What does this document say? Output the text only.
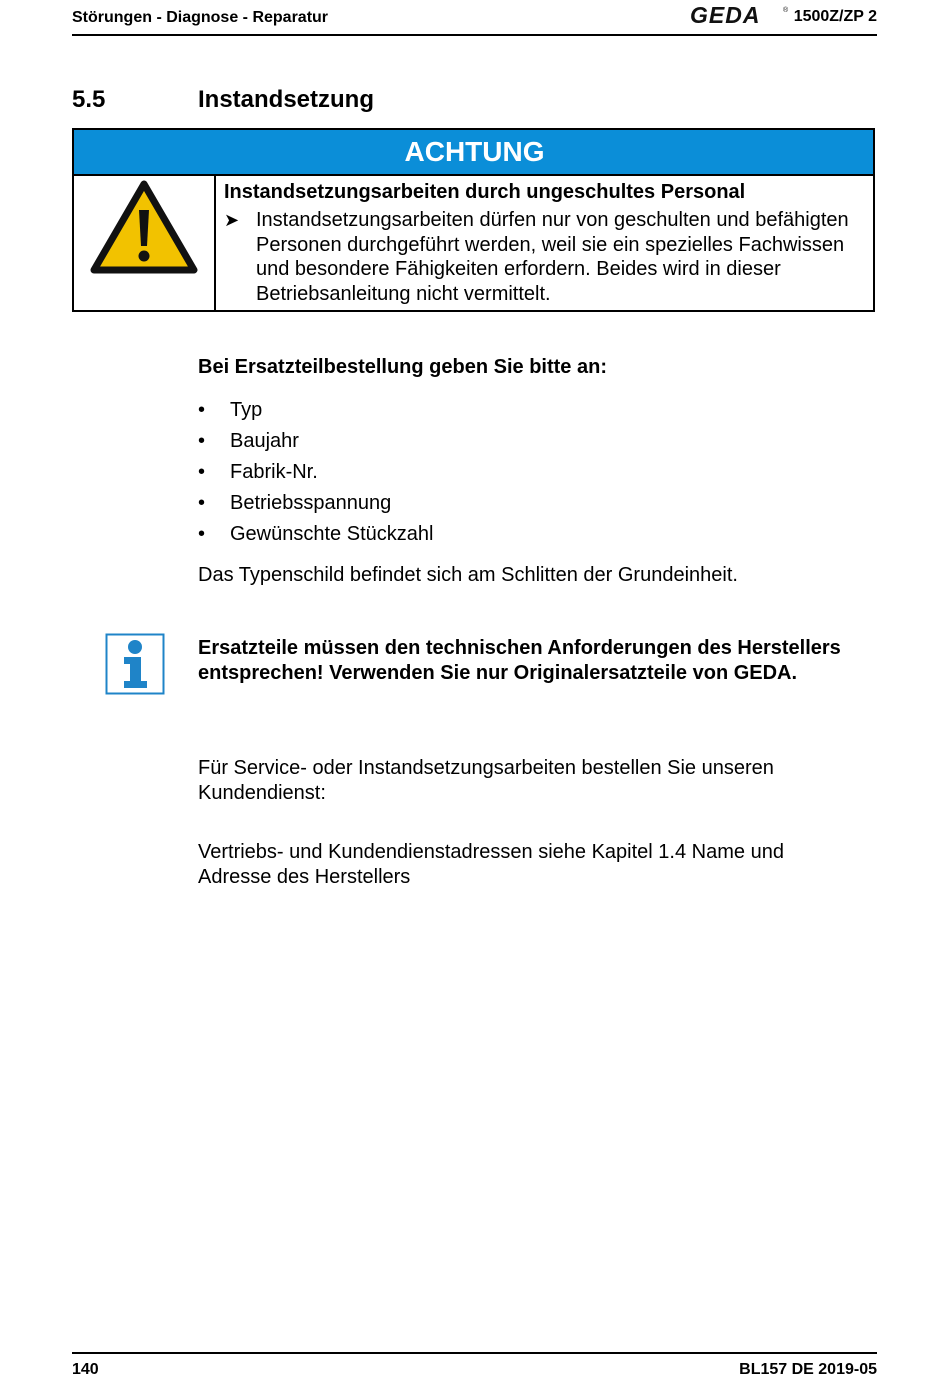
Störungen - Diagnose - Reparatur	GEDA	® 1500Z/ZP 2
5.5	Instandsetzung
ACHTUNG
Instandsetzungsarbeiten durch ungeschultes Personal
➤ Instandsetzungsarbeiten dürfen nur von geschulten und befähigten Personen durchgeführt werden, weil sie ein spezielles Fachwissen und besondere Fähigkeiten erfordern. Beides wird in dieser Betriebsanleitung nicht vermittelt.
Bei Ersatzteilbestellung geben Sie bitte an:
• Typ
• Baujahr
• Fabrik-Nr.
• Betriebsspannung
• Gewünschte Stückzahl
Das Typenschild befindet sich am Schlitten der Grundeinheit.
Ersatzteile müssen den technischen Anforderungen des Herstellers entsprechen! Verwenden Sie nur Originalersatzteile von GEDA.
Für Service- oder Instandsetzungsarbeiten bestellen Sie unseren Kundendienst:
Vertriebs- und Kundendienstadressen siehe Kapitel 1.4 Name und Adresse des Herstellers
140	BL157 DE 2019-05
